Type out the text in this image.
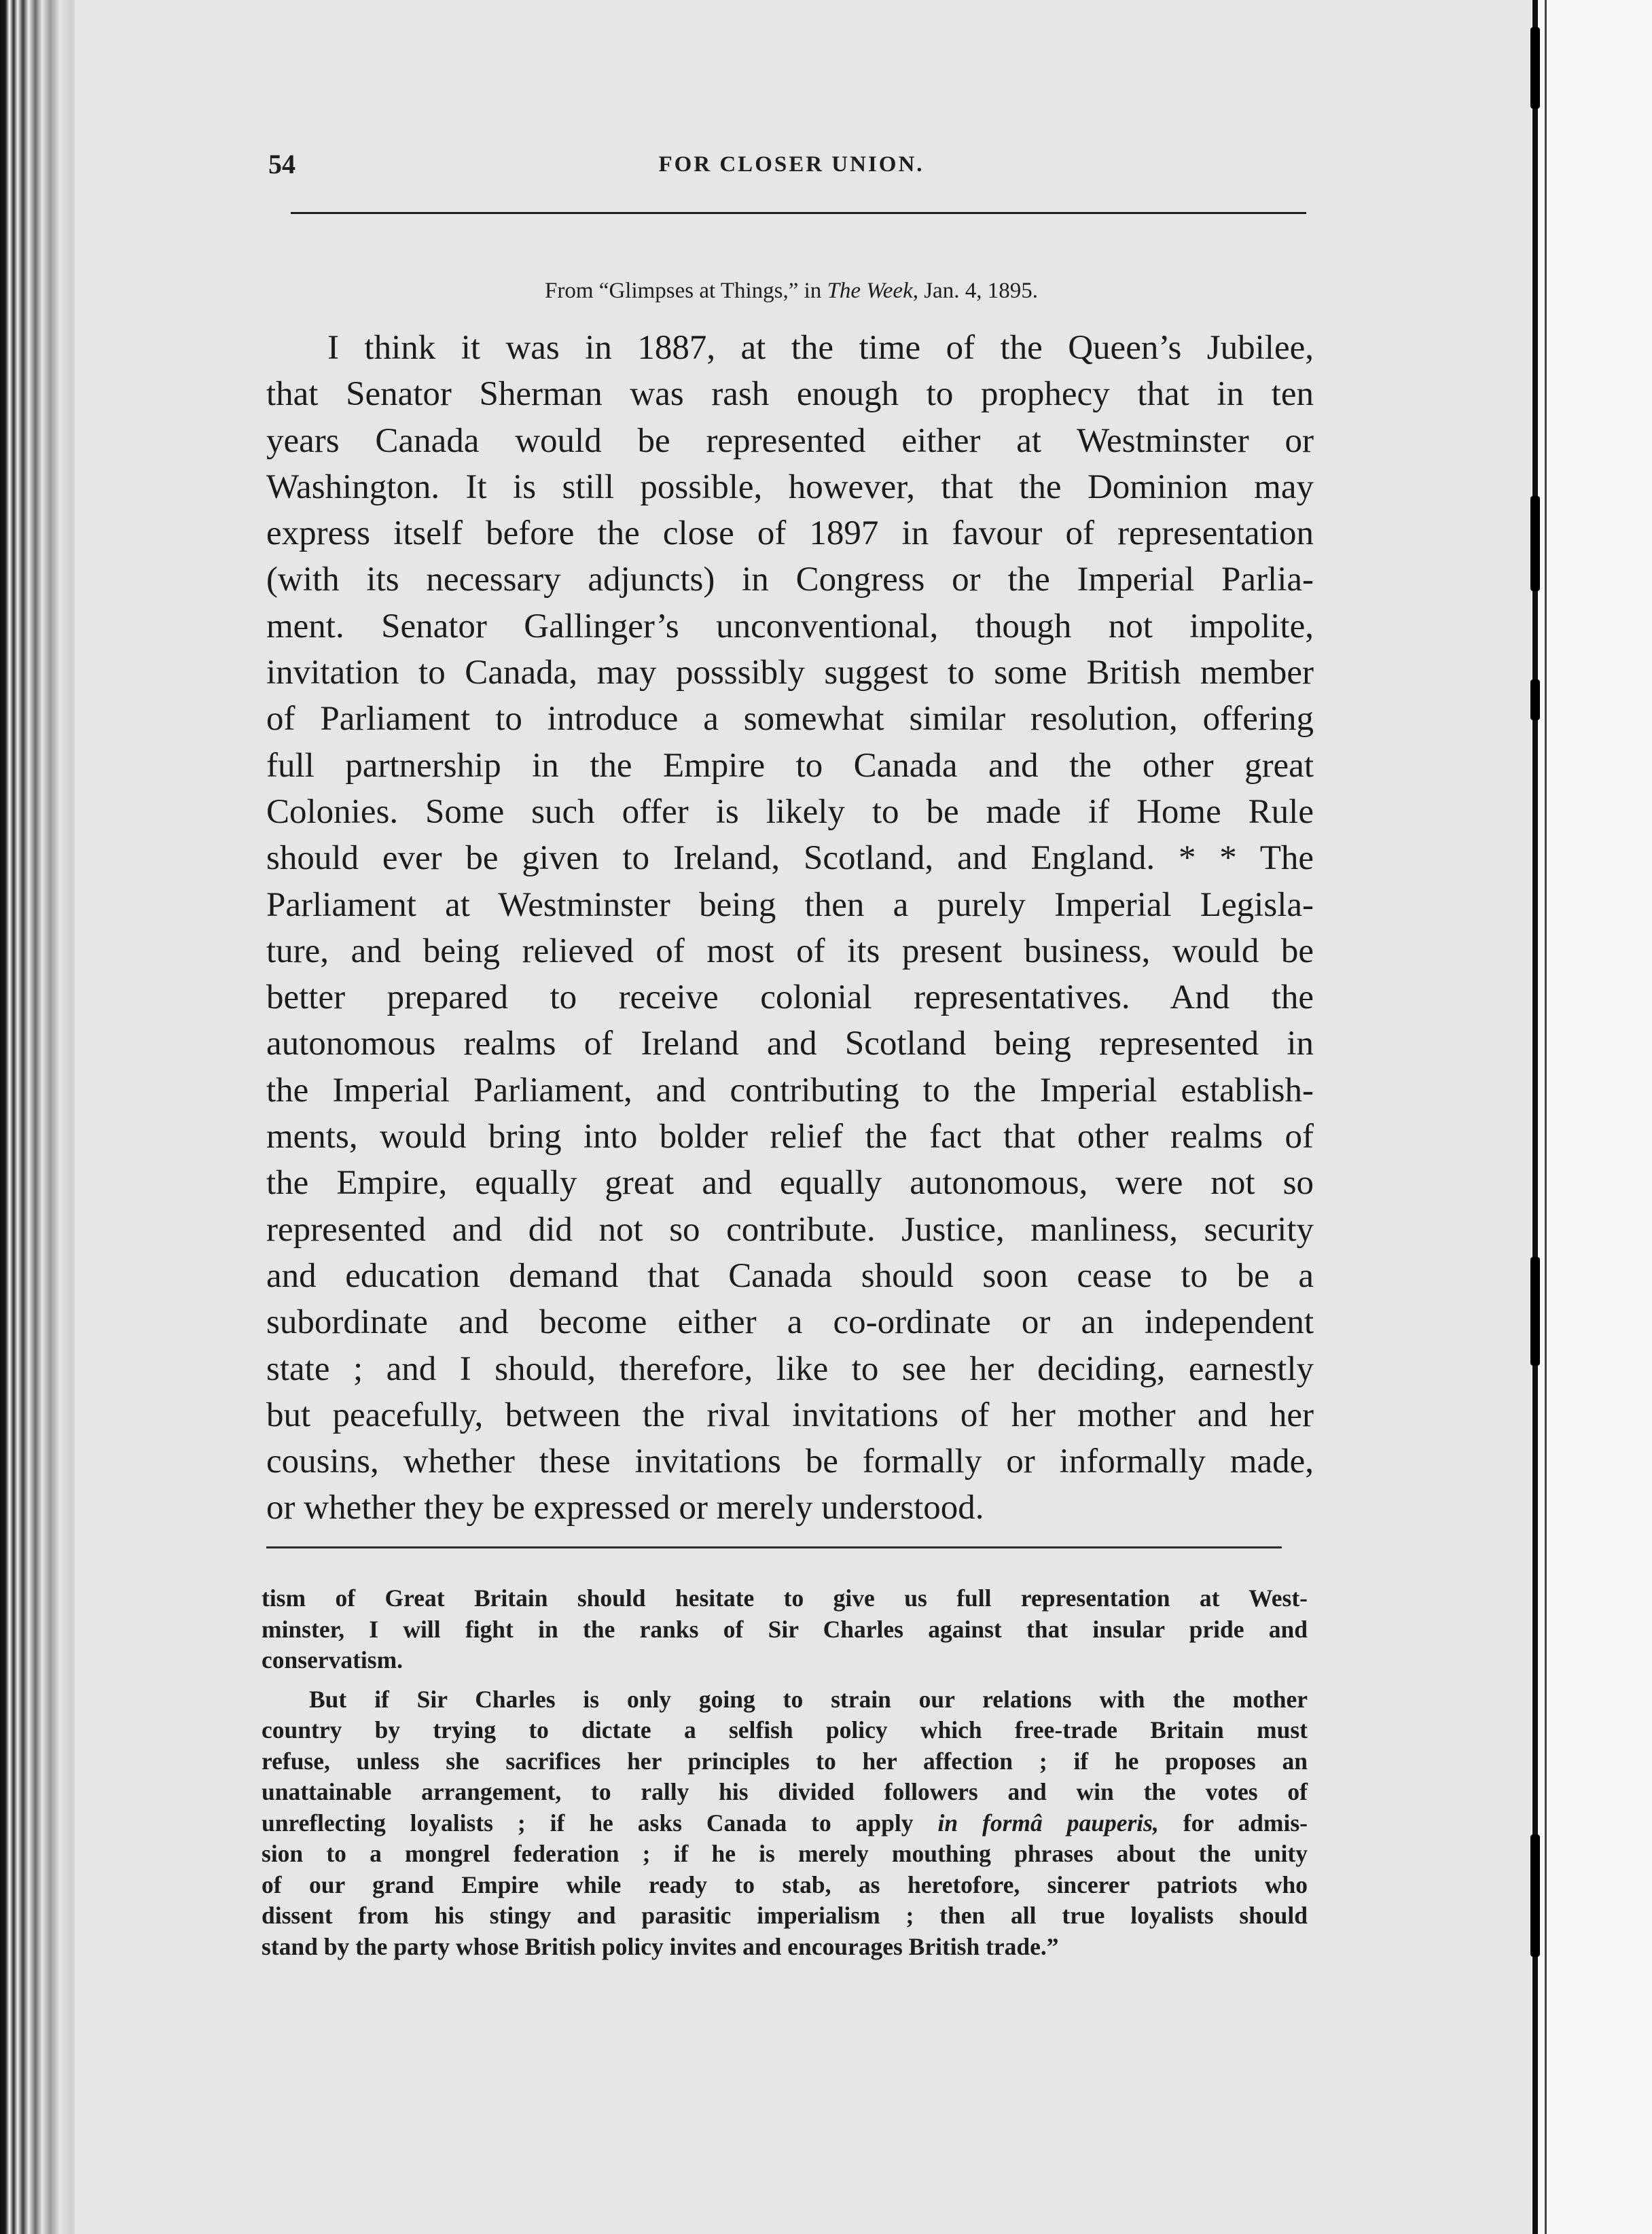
54	FOR CLOSER UNION.
From “Glimpses at Things,” in The Week, Jan. 4, 1895.
I think it was in 1887, at the time of the Queen’s Jubilee,
that Senator Sherman was rash enough to prophecy that in ten
years Canada would be represented either at Westminster or
Washington. It is still possible, however, that the Dominion may
express itself before the close of 1897 in favour of representation
(with its necessary adjuncts) in Congress or the Imperial Parlia-
ment. Senator Gallinger’s unconventional, though not impolite,
invitation to Canada, may posssibly suggest to some British member
of Parliament to introduce a somewhat similar resolution, offering
full partnership in the Empire to Canada and the other great
Colonies. Some such offer is likely to be made if Home Rule
should ever be given to Ireland, Scotland, and England. * * The
Parliament at Westminster being then a purely Imperial Legisla-
ture, and being relieved of most of its present business, would be
better prepared to receive colonial representatives. And the
autonomous realms of Ireland and Scotland being represented in
the Imperial Parliament, and contributing to the Imperial establish-
ments, would bring into bolder relief the fact that other realms of
the Empire, equally great and equally autonomous, were not so
represented and did not so contribute. Justice, manliness, security
and education demand that Canada should soon cease to be a
subordinate and become either a co-ordinate or an independent
state ; and I should, therefore, like to see her deciding, earnestly
but peacefully, between the rival invitations of her mother and her
cousins, whether these invitations be formally or informally made,
or whether they be expressed or merely understood.
tism of Great Britain should hesitate to give us full representation at West-
minster, I will fight in the ranks of Sir Charles against that insular pride and
conservatism.
But if Sir Charles is only going to strain our relations with the mother
country by trying to dictate a selfish policy which free-trade Britain must
refuse, unless she sacrifices her principles to her affection ; if he proposes an
unattainable arrangement, to rally his divided followers and win the votes of
unreflecting loyalists ; if he asks Canada to apply in formâ pauperis, for admis-
sion to a mongrel federation ; if he is merely mouthing phrases about the unity
of our grand Empire while ready to stab, as heretofore, sincerer patriots who
dissent from his stingy and parasitic imperialism ; then all true loyalists should
stand by the party whose British policy invites and encourages British trade.”
